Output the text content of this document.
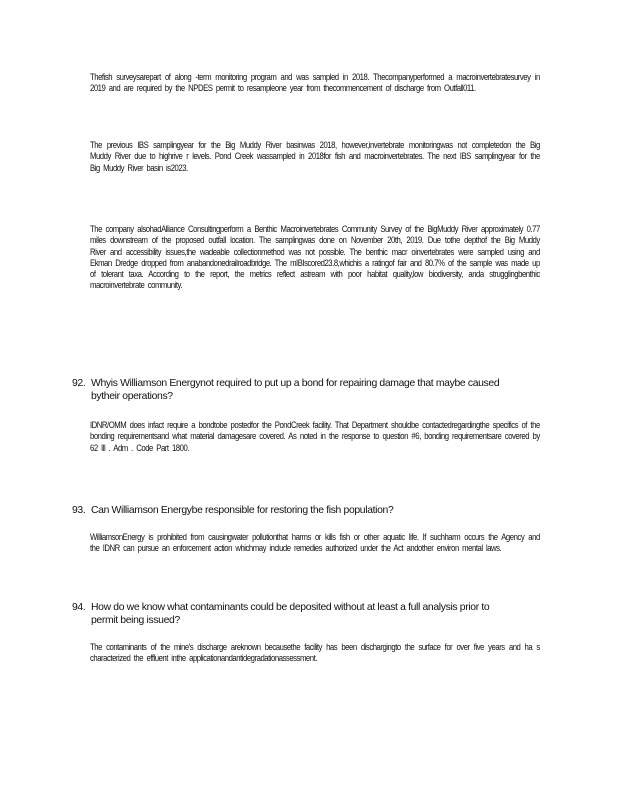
Thefish surveysarepart of along -term monitoring program and was sampled in 2018. Thecompanyperformed a macroinvertebratesurvey in 2019 and are required by the NPDES permit to resampleone year from thecommencement of discharge from Outfall011.
The previous IBS samplingyear for the Big Muddy River basinwas 2018, however,invertebrate monitoringwas not completedon the Big Muddy River due to highrive r levels. Pond Creek wassampled in 2018for fish and macroinvertebrates. The next IBS samplingyear for the Big Muddy River basin is2023.
The company alsohadAlliance Consultingperform a Benthic Macroinvertebrates Community Survey of the BigMuddy River approximately 0.77 miles downstream of the proposed outfall location. The samplingwas done on November 20th, 2019. Due tothe depthof the Big Muddy River and accessibility issues,the wadeable collectionmethod was not possible. The benthic macr oinvertebrates were sampled using and Ekman Dredge dropped from anabandonedrailroadbridge. The mIBIscored23.8,whichis a ratingof fair and 80.7% of the sample was made up of tolerant taxa. According to the report, the metrics reflect astream with poor habitat quality,low biodiversity, anda strugglingbenthic macroinvertebrate community.
92. Whyis Williamson Energynot required to put up a bond for repairing damage that maybe caused bytheir operations?
IDNR/OMM does infact require a bondtobe postedfor the PondCreek facility. That Department shouldbe contactedregardingthe specifics of the bonding requirementsand what material damagesare covered. As noted in the response to question #6, bonding requirementsare covered by 62 Ill . Adm . Code Part 1800.
93. Can Williamson Energybe responsible for restoring the fish population?
WilliamsonEnergy is prohibited from causingwater pollutionthat harms or kills fish or other aquatic life. If suchharm occurs the Agency and the IDNR can pursue an enforcement action whichmay include remedies authorized under the Act andother environ mental laws.
94. How do we know what contaminants could be deposited without at least a full analysis prior to permit being issued?
The contaminants of the mine's discharge areknown becausethe facility has been dischargingto the surface for over five years and ha s characterized the effluent inthe applicationandantidegradationassessment.
